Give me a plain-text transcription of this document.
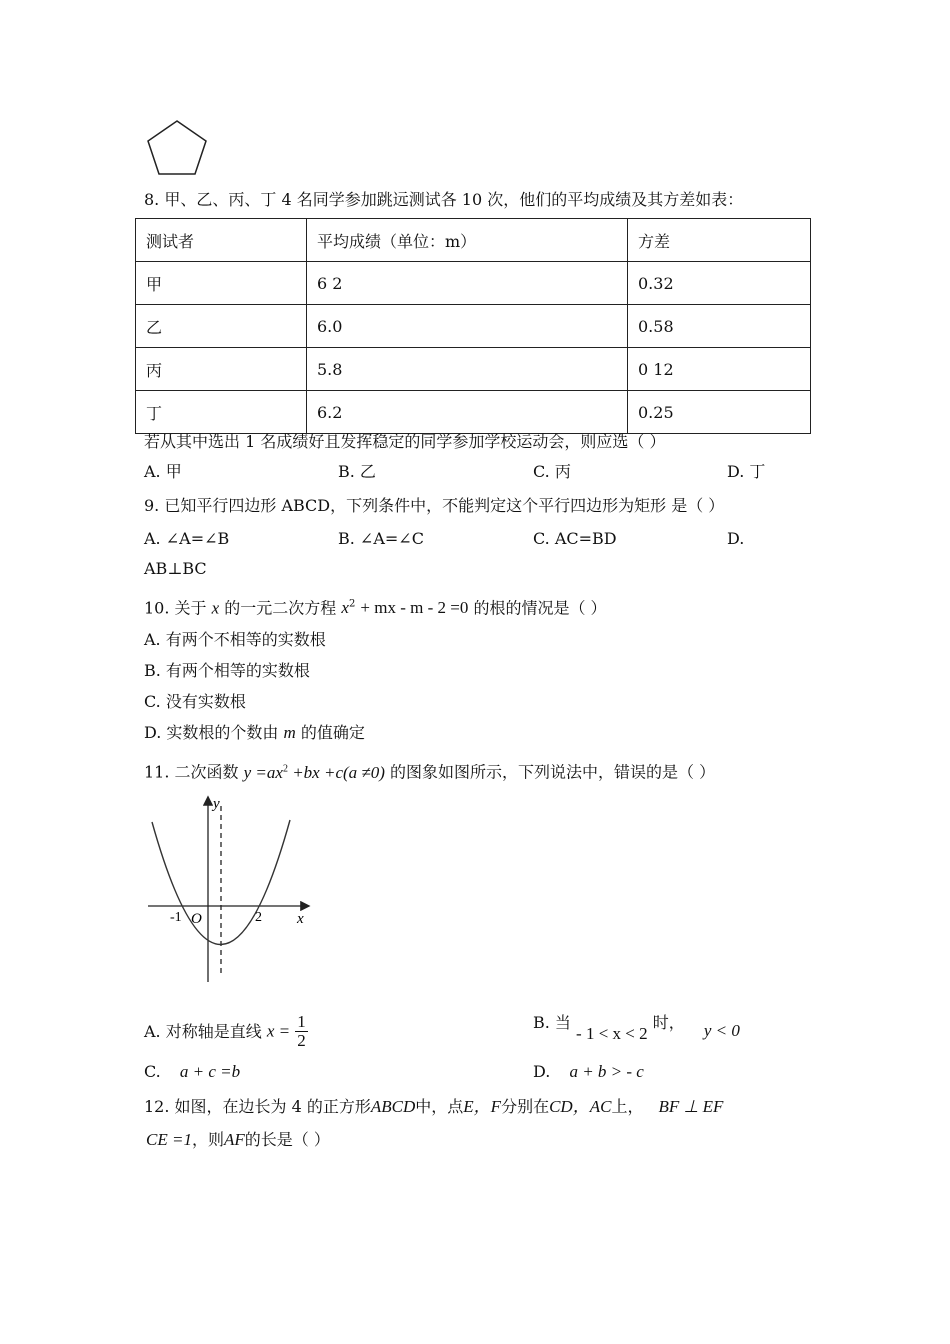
8. 甲、乙、丙、丁 4 名同学参加跳远测试各 10 次，他们的平均成绩及其方差如表：
测试者	平均成绩（单位：m）	方差
甲	6 2	0.32
乙	6.0	0.58
丙	5.8	0 12
丁	6.2	0.25
若从其中选出 1 名成绩好且发挥稳定的同学参加学校运动会，则应选（ ）
A. 甲	B. 乙	C. 丙	D. 丁
9. 已知平行四边形 ABCD，下列条件中，不能判定这个平行四边形为矩形 是（ ）
A. ∠A=∠B	B. ∠A=∠C	C. AC=BD	D.
AB⊥BC
10. 关于 x 的一元二次方程 $x^2$ + mx - m - 2 =0 的根的情况是（ ）
A. 有两个不相等的实数根
B. 有两个相等的实数根
C. 没有实数根
D. 实数根的个数由 m 的值确定
11. 二次函数 $y =ax^2 +bx +c(a \ne 0)$ 的图象如图所示，下列说法中，错误的是（ ）
y
x
O
-1	2
A. 对称轴是直线 $x = \frac{1}{2}$	B. 当 - 1 < x < 2 时， y < 0
C. a + c =b	D. a + b > - c
12. 如图，在边长为 4 的正方形ABCD中，点E，F分别在CD，AC上， BF ⊥ EF
CE =1，则AF的长是（ ）
